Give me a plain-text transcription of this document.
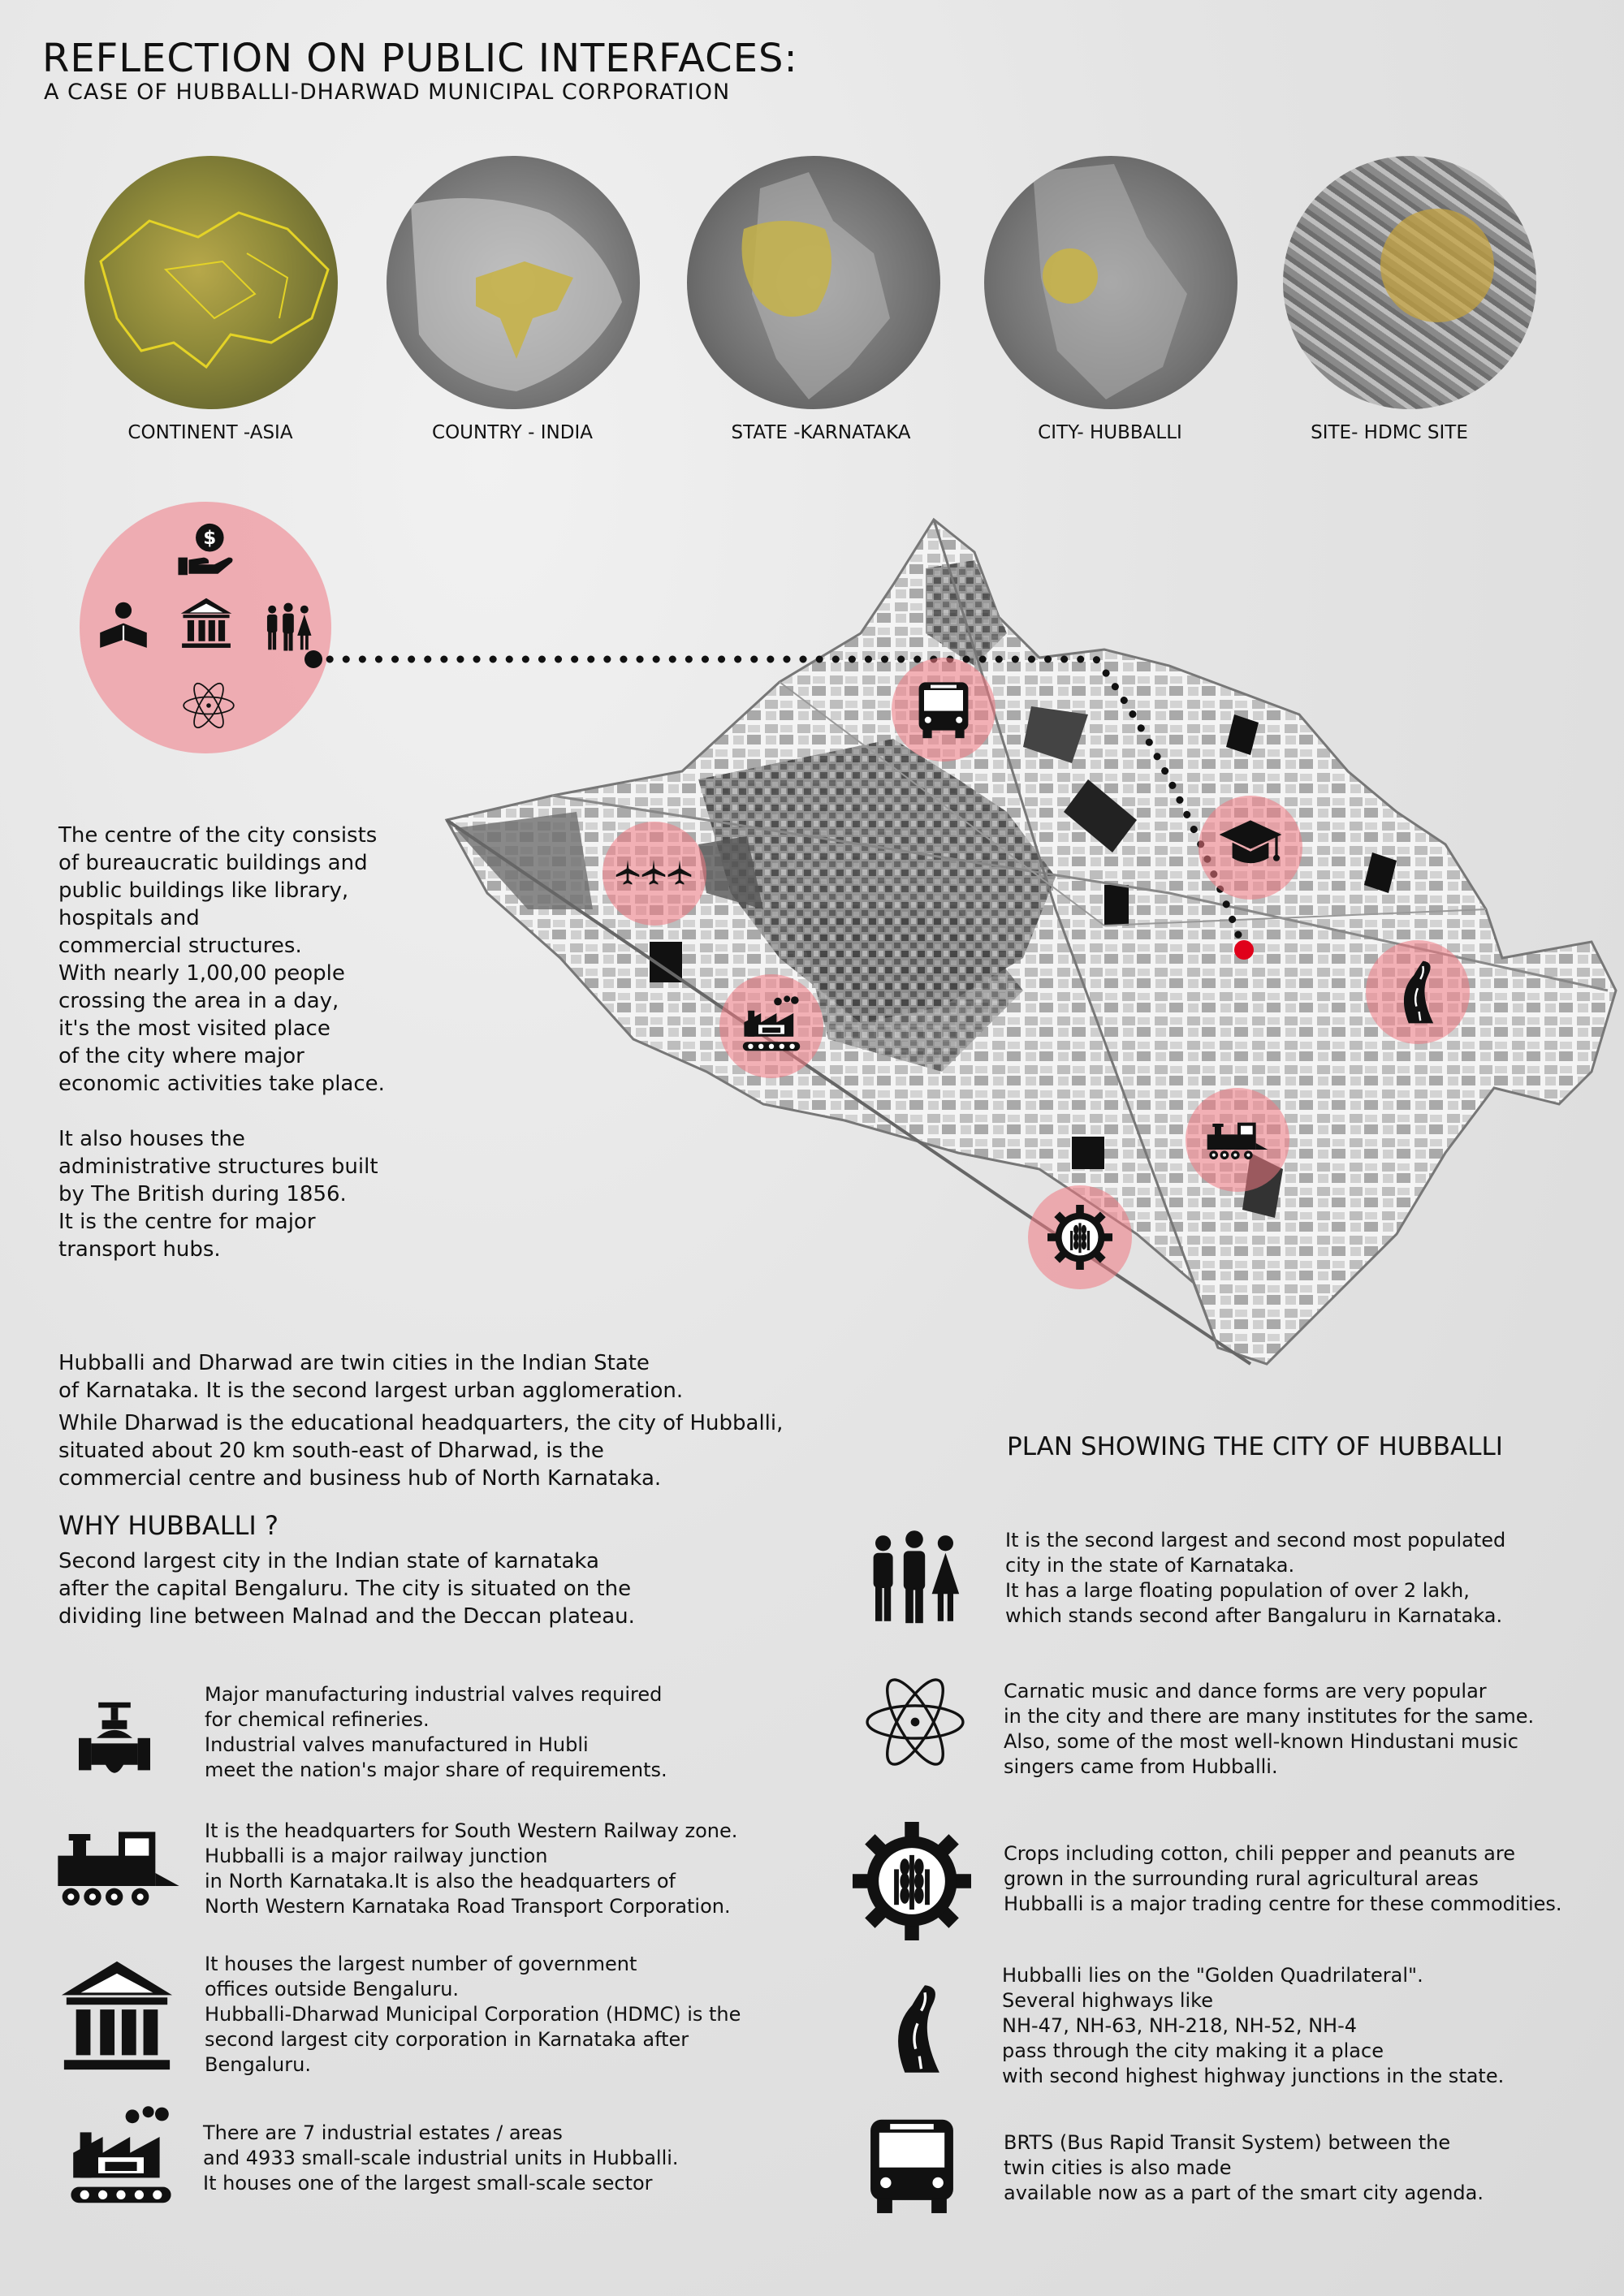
REFLECTION ON PUBLIC INTERFACES:
A CASE OF HUBBALLI-DHARWAD MUNICIPAL CORPORATION
CONTINENT -ASIA	COUNTRY - INDIA	STATE -KARNATAKA	CITY- HUBBALLI	SITE- HDMC SITE
The centre of the city consists
of bureaucratic buildings and
public buildings like library,
hospitals and
commercial structures.
With nearly 1,00,00 people
crossing the area in a day,
it's the most visited place
of the city where major
economic activities take place.
It also houses the
administrative structures built
by The British during 1856.
It is the centre for major
transport hubs.
Hubballi and Dharwad are twin cities in the Indian State
of Karnataka. It is the second largest urban agglomeration.
While Dharwad is the educational headquarters, the city of Hubballi,
situated about 20 km south-east of Dharwad, is the
commercial centre and business hub of North Karnataka.
PLAN SHOWING THE CITY OF HUBBALLI
WHY HUBBALLI ?
Second largest city in the Indian state of karnataka
after the capital Bengaluru. The city is situated on the
dividing line between Malnad and the Deccan plateau.
Major manufacturing industrial valves required
for chemical refineries.
Industrial valves manufactured in Hubli
meet the nation's major share of requirements.
It is the headquarters for South Western Railway zone.
Hubballi is a major railway junction
in North Karnataka.It is also the headquarters of
North Western Karnataka Road Transport Corporation.
It houses the largest number of government
offices outside Bengaluru.
Hubballi-Dharwad Municipal Corporation (HDMC) is the
second largest city corporation in Karnataka after
Bengaluru.
There are 7 industrial estates / areas
and 4933 small-scale industrial units in Hubballi.
It houses one of the largest small-scale sector
It is the second largest and second most populated
city in the state of Karnataka.
It has a large floating population of over 2 lakh,
which stands second after Bangaluru in Karnataka.
Carnatic music and dance forms are very popular
in the city and there are many institutes for the same.
Also, some of the most well-known Hindustani music
singers came from Hubballi.
Crops including cotton, chili pepper and peanuts are
grown in the surrounding rural agricultural areas
Hubballi is a major trading centre for these commodities.
Hubballi lies on the "Golden Quadrilateral".
Several highways like
NH-47, NH-63, NH-218, NH-52, NH-4
pass through the city making it a place
with second highest highway junctions in the state.
BRTS (Bus Rapid Transit System) between the
twin cities is also made
available now as a part of the smart city agenda.
